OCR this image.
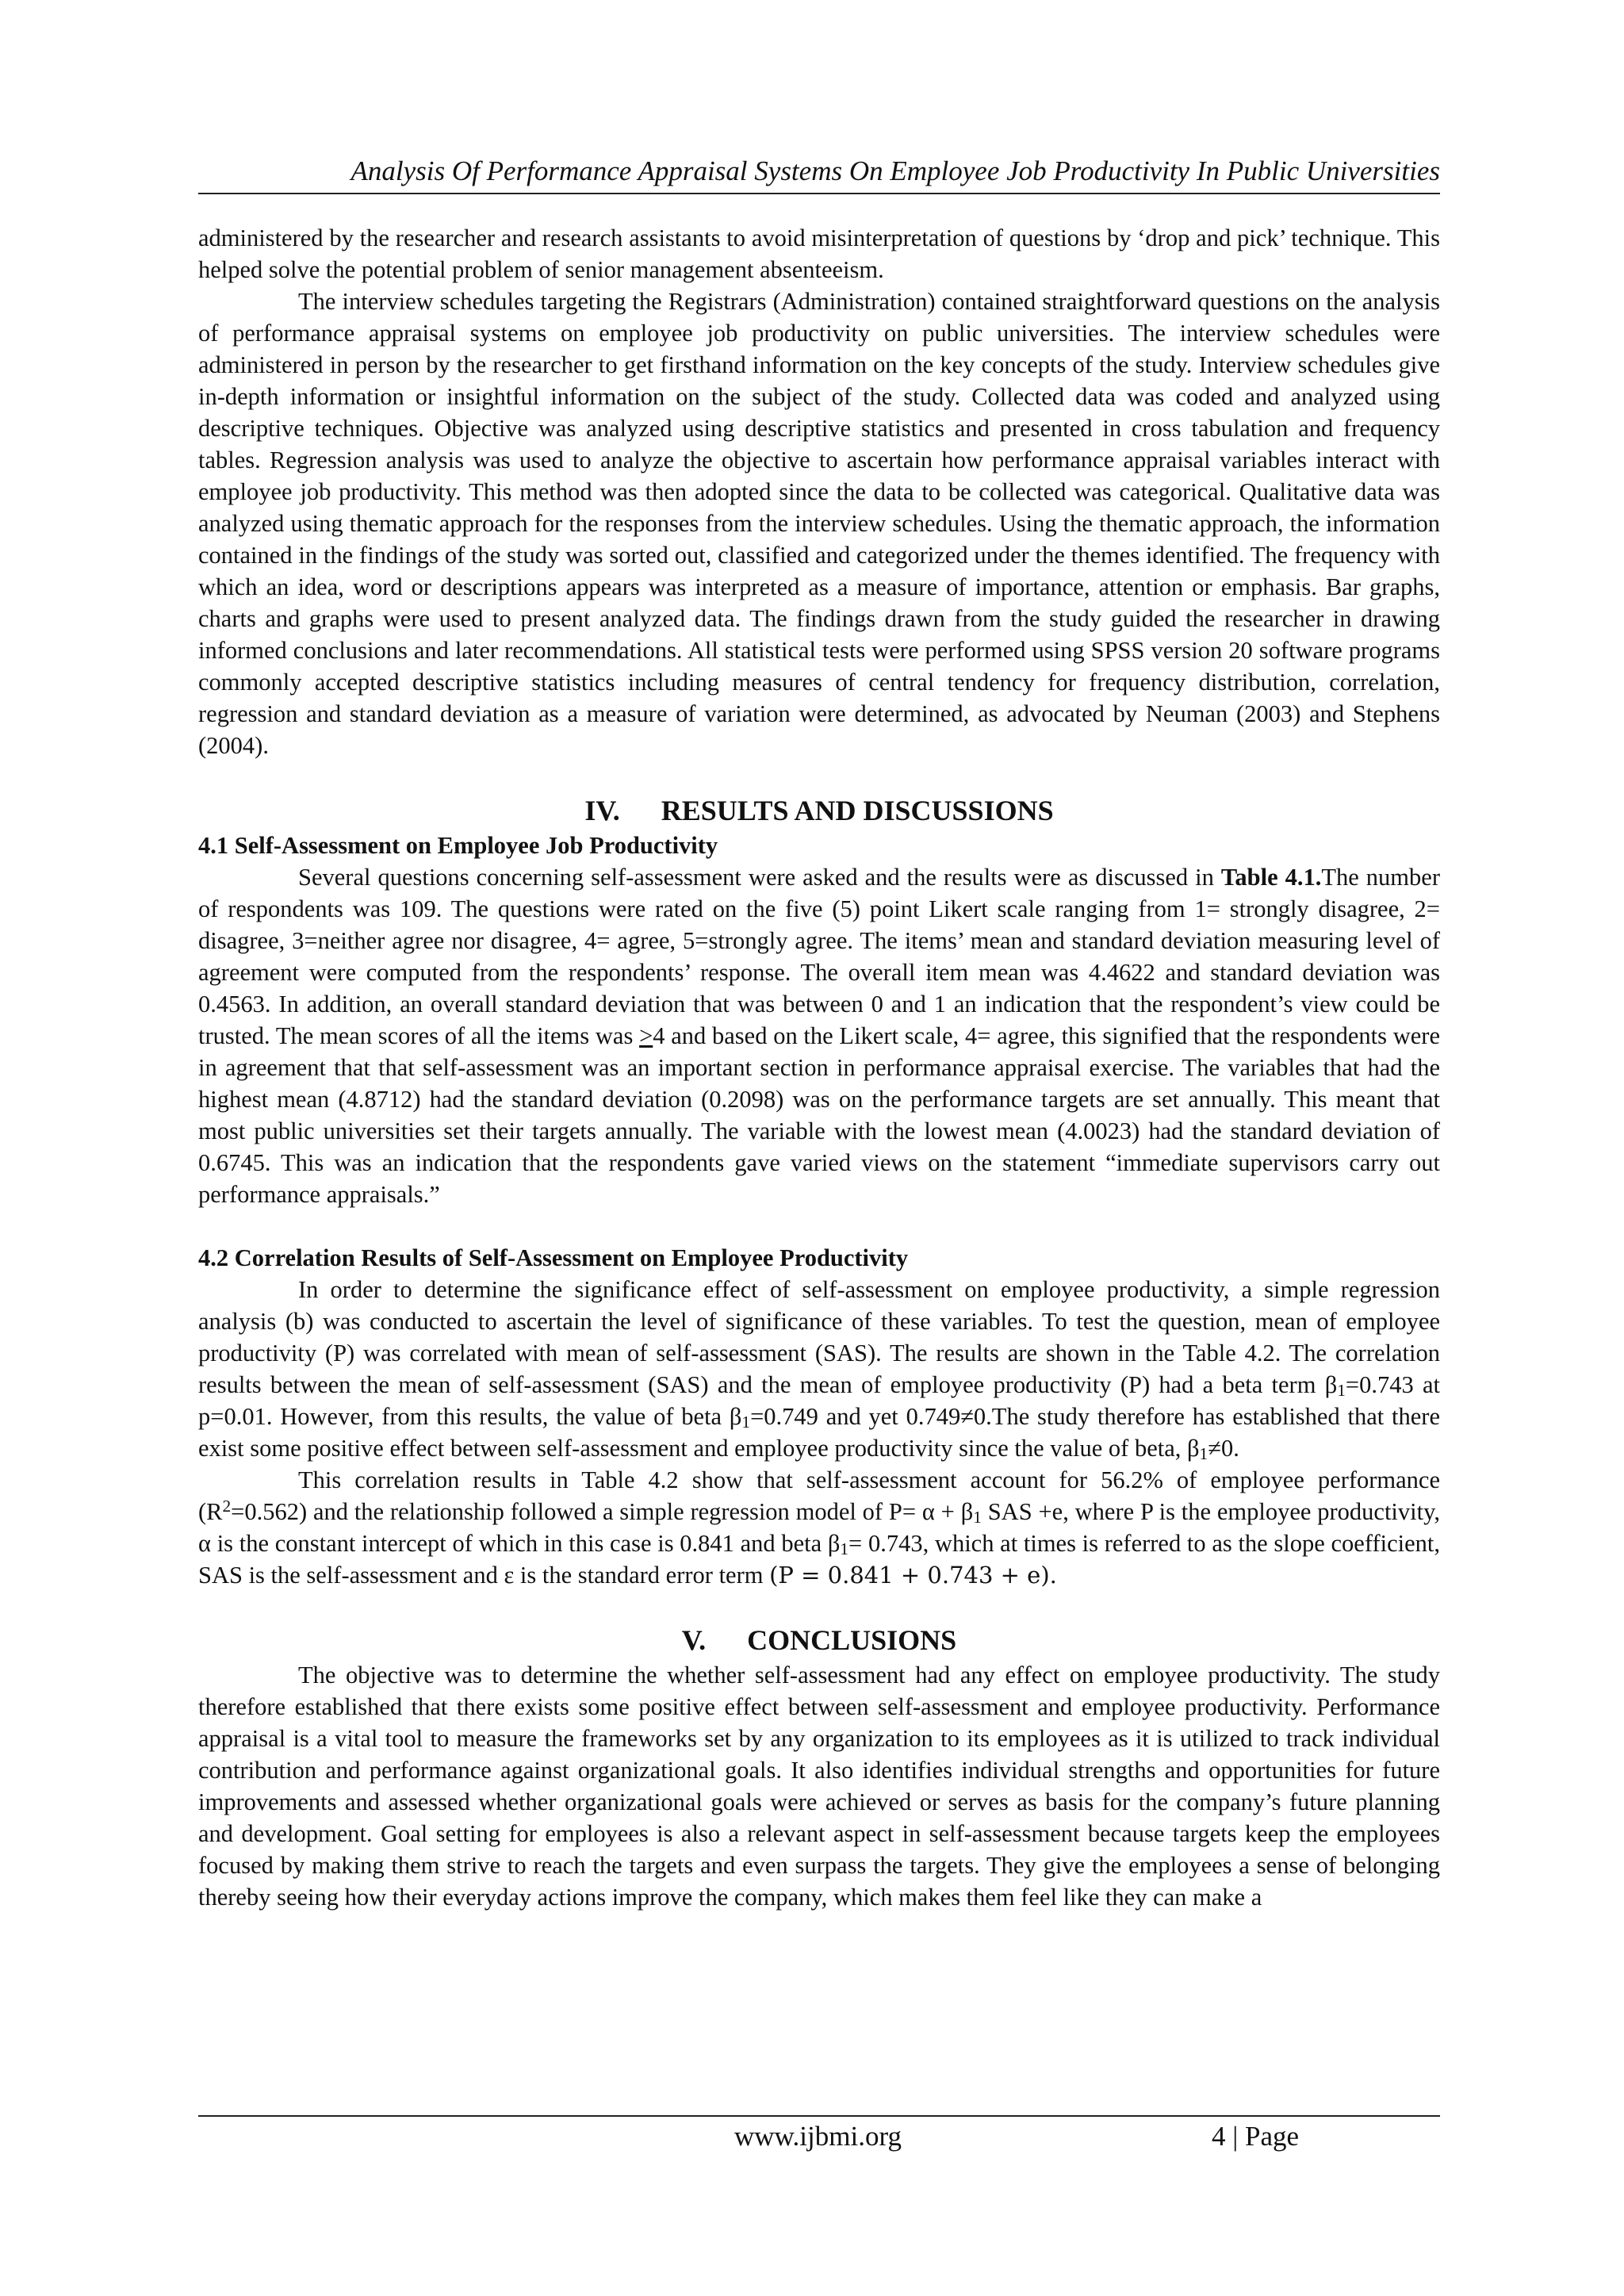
Analysis Of Performance Appraisal Systems On Employee Job Productivity In Public Universities

administered by the researcher and research assistants to avoid misinterpretation of questions by ‘drop and pick’ technique. This helped solve the potential problem of senior management absenteeism.

The interview schedules targeting the Registrars (Administration) contained straightforward questions on the analysis of performance appraisal systems on employee job productivity on public universities. The interview schedules were administered in person by the researcher to get firsthand information on the key concepts of the study. Interview schedules give in-depth information or insightful information on the subject of the study. Collected data was coded and analyzed using descriptive techniques. Objective was analyzed using descriptive statistics and presented in cross tabulation and frequency tables. Regression analysis was used to analyze the objective to ascertain how performance appraisal variables interact with employee job productivity. This method was then adopted since the data to be collected was categorical. Qualitative data was analyzed using thematic approach for the responses from the interview schedules. Using the thematic approach, the information contained in the findings of the study was sorted out, classified and categorized under the themes identified. The frequency with which an idea, word or descriptions appears was interpreted as a measure of importance, attention or emphasis. Bar graphs, charts and graphs were used to present analyzed data. The findings drawn from the study guided the researcher in drawing informed conclusions and later recommendations. All statistical tests were performed using SPSS version 20 software programs commonly accepted descriptive statistics including measures of central tendency for frequency distribution, correlation, regression and standard deviation as a measure of variation were determined, as advocated by Neuman (2003) and Stephens (2004).

IV. RESULTS AND DISCUSSIONS

4.1 Self-Assessment on Employee Job Productivity

Several questions concerning self-assessment were asked and the results were as discussed in Table 4.1.The number of respondents was 109. The questions were rated on the five (5) point Likert scale ranging from 1= strongly disagree, 2= disagree, 3=neither agree nor disagree, 4= agree, 5=strongly agree. The items’ mean and standard deviation measuring level of agreement were computed from the respondents’ response. The overall item mean was 4.4622 and standard deviation was 0.4563. In addition, an overall standard deviation that was between 0 and 1 an indication that the respondent’s view could be trusted. The mean scores of all the items was ≥4 and based on the Likert scale, 4= agree, this signified that the respondents were in agreement that that self-assessment was an important section in performance appraisal exercise. The variables that had the highest mean (4.8712) had the standard deviation (0.2098) was on the performance targets are set annually. This meant that most public universities set their targets annually. The variable with the lowest mean (4.0023) had the standard deviation of 0.6745. This was an indication that the respondents gave varied views on the statement “immediate supervisors carry out performance appraisals.”

4.2 Correlation Results of Self-Assessment on Employee Productivity

In order to determine the significance effect of self-assessment on employee productivity, a simple regression analysis (b) was conducted to ascertain the level of significance of these variables. To test the question, mean of employee productivity (P) was correlated with mean of self-assessment (SAS). The results are shown in the Table 4.2. The correlation results between the mean of self-assessment (SAS) and the mean of employee productivity (P) had a beta term $\beta_1=0.743$ at p=0.01. However, from this results, the value of beta $\beta_1=0.749$ and yet 0.749≠0.The study therefore has established that there exist some positive effect between self-assessment and employee productivity since the value of beta, $\beta_1\ne 0$.

This correlation results in Table 4.2 show that self-assessment account for 56.2% of employee performance $(R^2=0.562)$ and the relationship followed a simple regression model of $P= \alpha + \beta_1$ SAS +e, where P is the employee productivity, α is the constant intercept of which in this case is 0.841 and beta $\beta_1= 0.743$, which at times is referred to as the slope coefficient, SAS is the self-assessment and ε is the standard error term (P = 0.841 + 0.743 + e).

V. CONCLUSIONS

The objective was to determine the whether self-assessment had any effect on employee productivity. The study therefore established that there exists some positive effect between self-assessment and employee productivity. Performance appraisal is a vital tool to measure the frameworks set by any organization to its employees as it is utilized to track individual contribution and performance against organizational goals. It also identifies individual strengths and opportunities for future improvements and assessed whether organizational goals were achieved or serves as basis for the company’s future planning and development. Goal setting for employees is also a relevant aspect in self-assessment because targets keep the employees focused by making them strive to reach the targets and even surpass the targets. They give the employees a sense of belonging thereby seeing how their everyday actions improve the company, which makes them feel like they can make a

www.ijbmi.org	4 | Page
